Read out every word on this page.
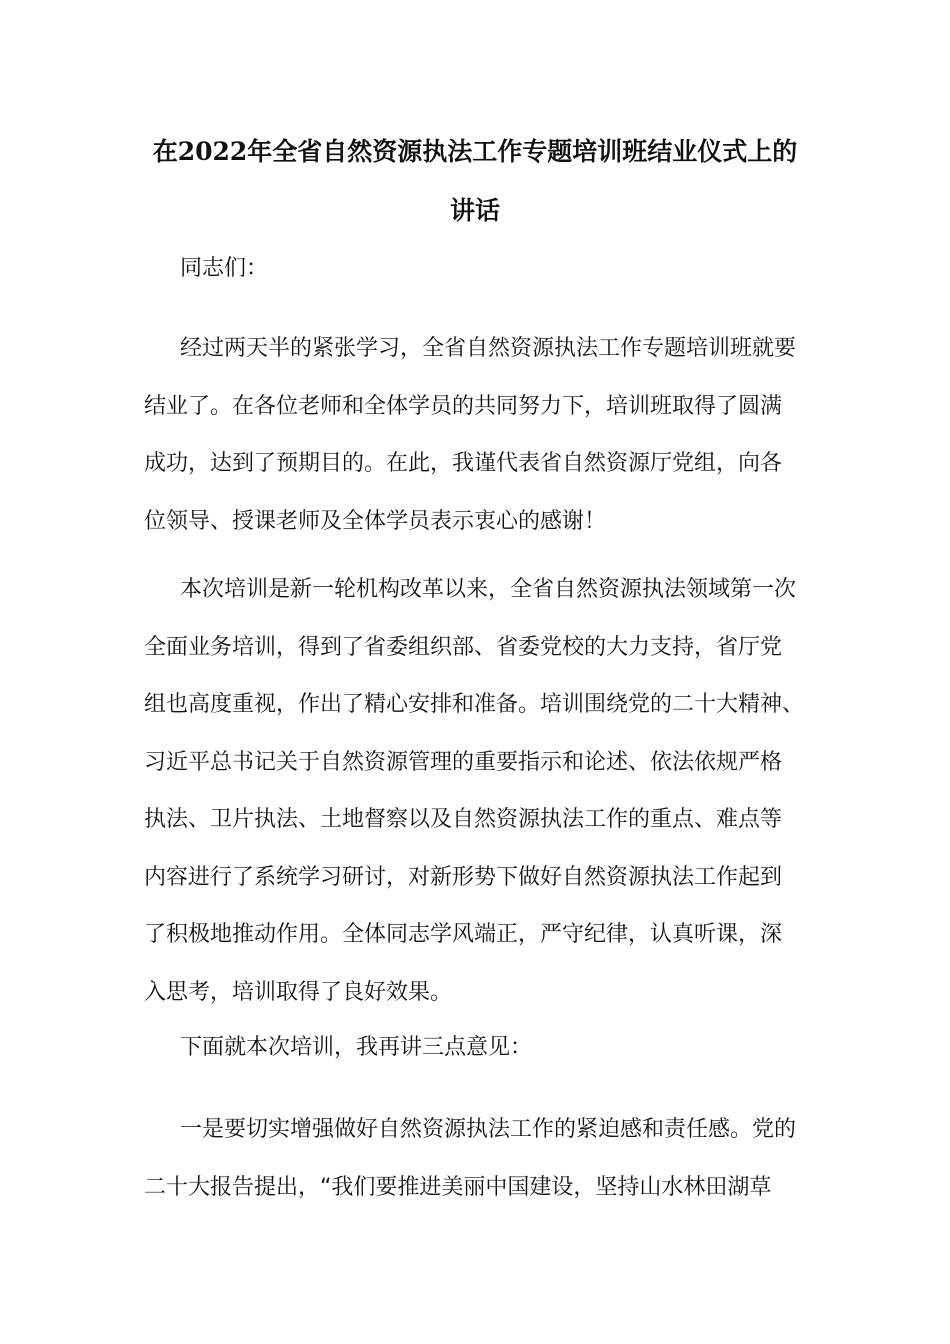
在2022年全省自然资源执法工作专题培训班结业仪式上的
讲话
同志们：
经过两天半的紧张学习，全省自然资源执法工作专题培训班就要
结业了。在各位老师和全体学员的共同努力下，培训班取得了圆满
成功，达到了预期目的。在此，我谨代表省自然资源厅党组，向各
位领导、授课老师及全体学员表示衷心的感谢！
本次培训是新一轮机构改革以来，全省自然资源执法领域第一次
全面业务培训，得到了省委组织部、省委党校的大力支持，省厅党
组也高度重视，作出了精心安排和准备。培训围绕党的二十大精神、
习近平总书记关于自然资源管理的重要指示和论述、依法依规严格
执法、卫片执法、土地督察以及自然资源执法工作的重点、难点等
内容进行了系统学习研讨，对新形势下做好自然资源执法工作起到
了积极地推动作用。全体同志学风端正，严守纪律，认真听课，深
入思考，培训取得了良好效果。
下面就本次培训，我再讲三点意见：
一是要切实增强做好自然资源执法工作的紧迫感和责任感。党的
二十大报告提出，“我们要推进美丽中国建设，坚持山水林田湖草
